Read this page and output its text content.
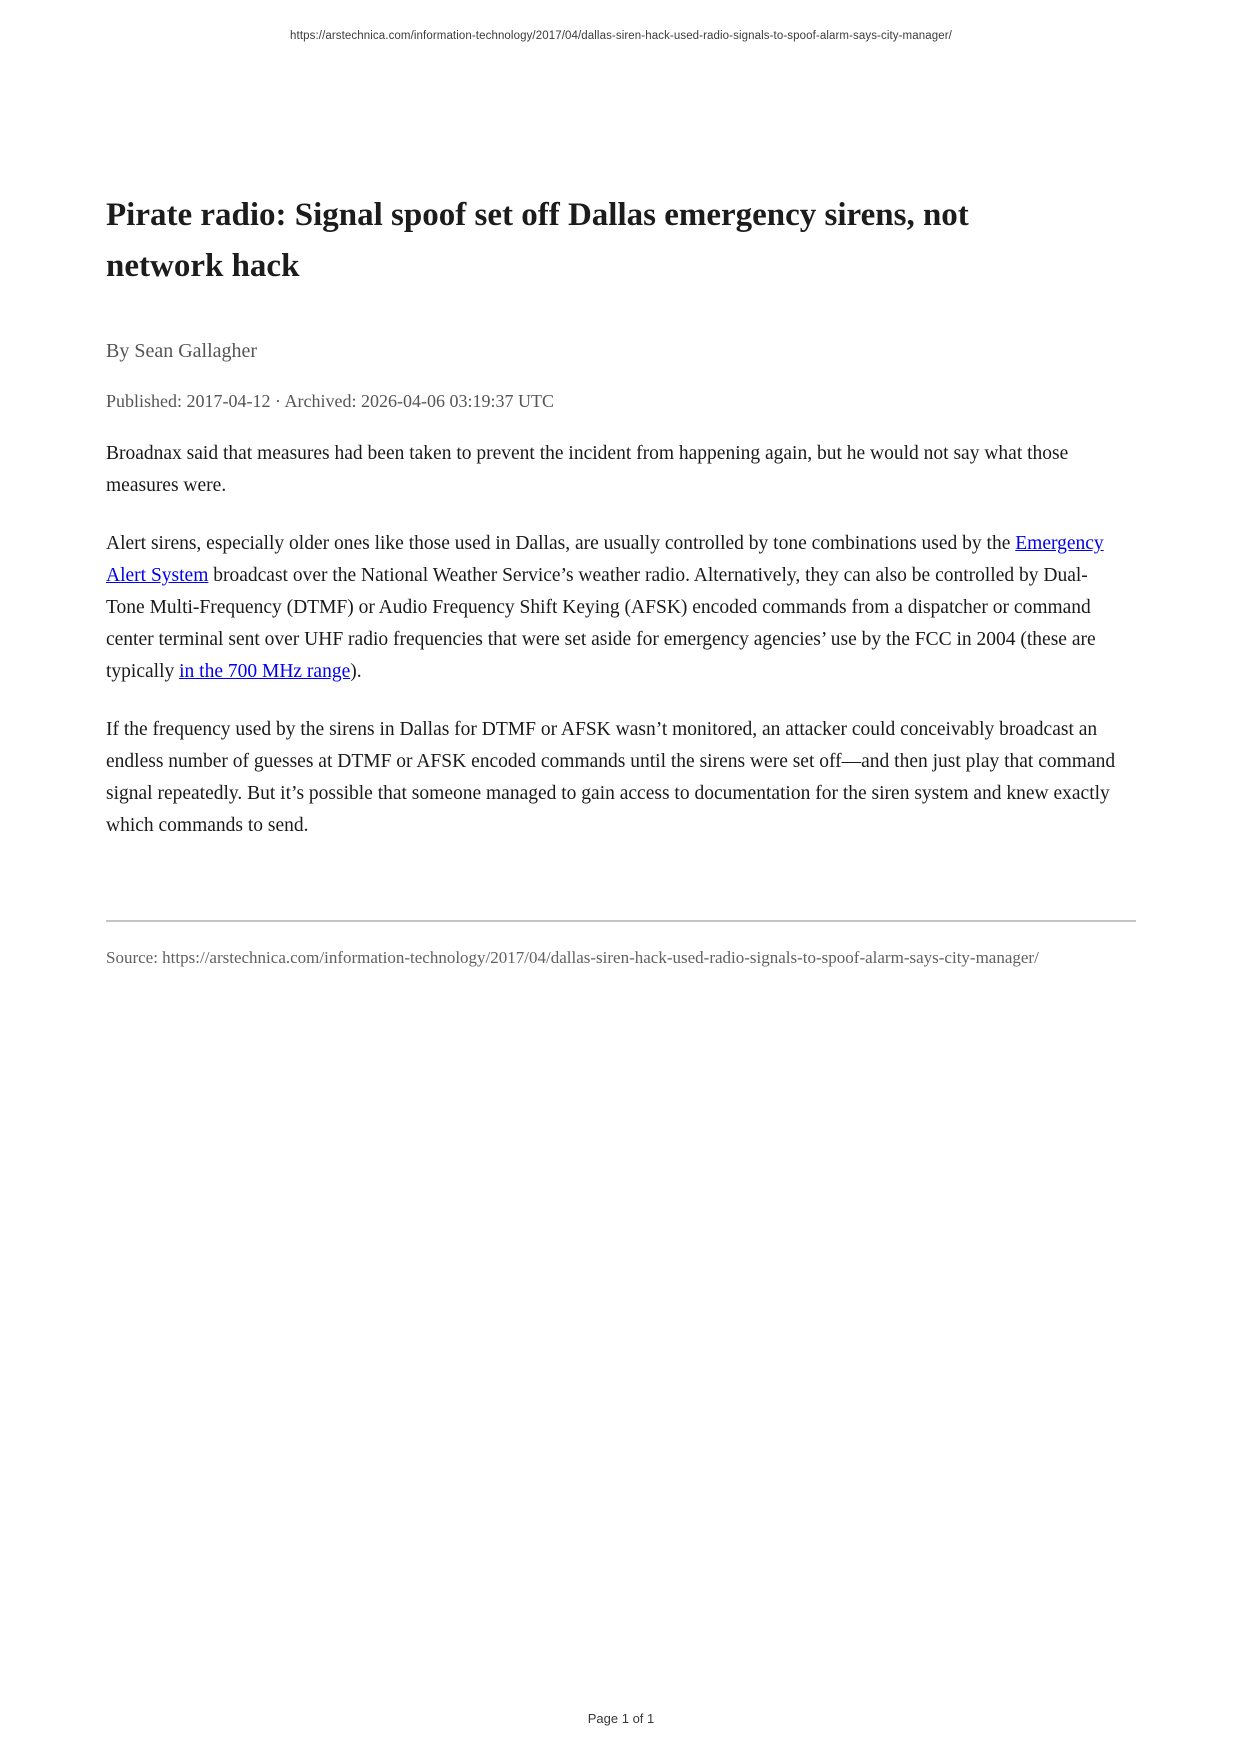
https://arstechnica.com/information-technology/2017/04/dallas-siren-hack-used-radio-signals-to-spoof-alarm-says-city-manager/
Pirate radio: Signal spoof set off Dallas emergency sirens, not network hack
By Sean Gallagher
Published: 2017-04-12 · Archived: 2026-04-06 03:19:37 UTC

Broadnax said that measures had been taken to prevent the incident from happening again, but he would not say what those measures were.

Alert sirens, especially older ones like those used in Dallas, are usually controlled by tone combinations used by the Emergency Alert System broadcast over the National Weather Service’s weather radio. Alternatively, they can also be controlled by Dual-Tone Multi-Frequency (DTMF) or Audio Frequency Shift Keying (AFSK) encoded commands from a dispatcher or command center terminal sent over UHF radio frequencies that were set aside for emergency agencies’ use by the FCC in 2004 (these are typically in the 700 MHz range).

If the frequency used by the sirens in Dallas for DTMF or AFSK wasn’t monitored, an attacker could conceivably broadcast an endless number of guesses at DTMF or AFSK encoded commands until the sirens were set off—and then just play that command signal repeatedly. But it’s possible that someone managed to gain access to documentation for the siren system and knew exactly which commands to send.

Source: https://arstechnica.com/information-technology/2017/04/dallas-siren-hack-used-radio-signals-to-spoof-alarm-says-city-manager/
Page 1 of 1
